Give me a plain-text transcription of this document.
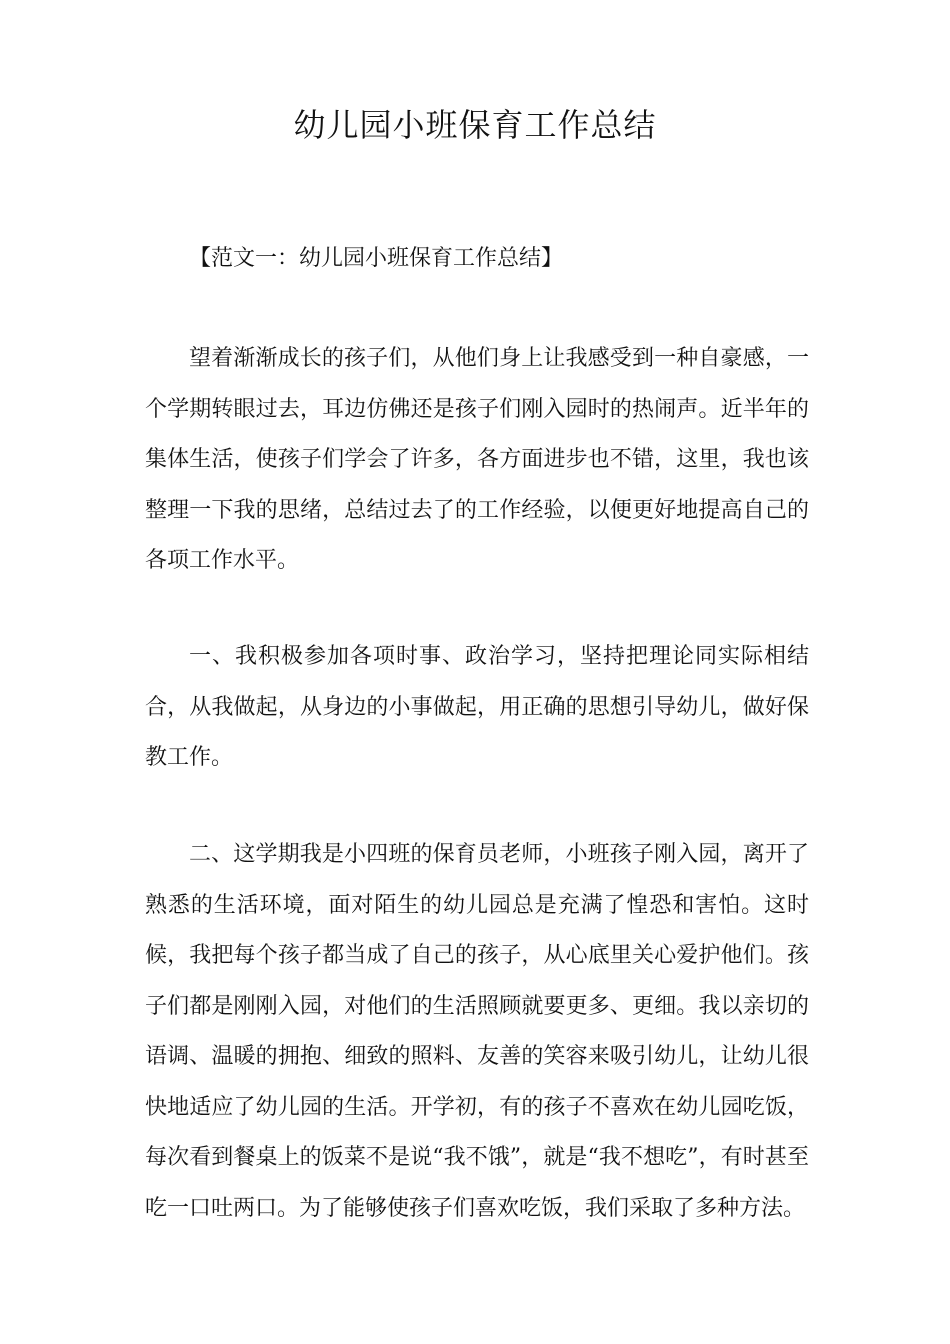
幼儿园小班保育工作总结

【范文一：幼儿园小班保育工作总结】

望着渐渐成长的孩子们，从他们身上让我感受到一种自豪感，一个学期转眼过去，耳边仿佛还是孩子们刚入园时的热闹声。近半年的集体生活，使孩子们学会了许多，各方面进步也不错，这里，我也该整理一下我的思绪，总结过去了的工作经验，以便更好地提高自己的各项工作水平。

一、我积极参加各项时事、政治学习，坚持把理论同实际相结合，从我做起，从身边的小事做起，用正确的思想引导幼儿，做好保教工作。

二、这学期我是小四班的保育员老师，小班孩子刚入园，离开了熟悉的生活环境，面对陌生的幼儿园总是充满了惶恐和害怕。这时候，我把每个孩子都当成了自己的孩子，从心底里关心爱护他们。孩子们都是刚刚入园，对他们的生活照顾就要更多、更细。我以亲切的语调、温暖的拥抱、细致的照料、友善的笑容来吸引幼儿，让幼儿很快地适应了幼儿园的生活。开学初，有的孩子不喜欢在幼儿园吃饭，每次看到餐桌上的饭菜不是说“我不饿”，就是“我不想吃”，有时甚至吃一口吐两口。为了能够使孩子们喜欢吃饭，我们采取了多种方法。
